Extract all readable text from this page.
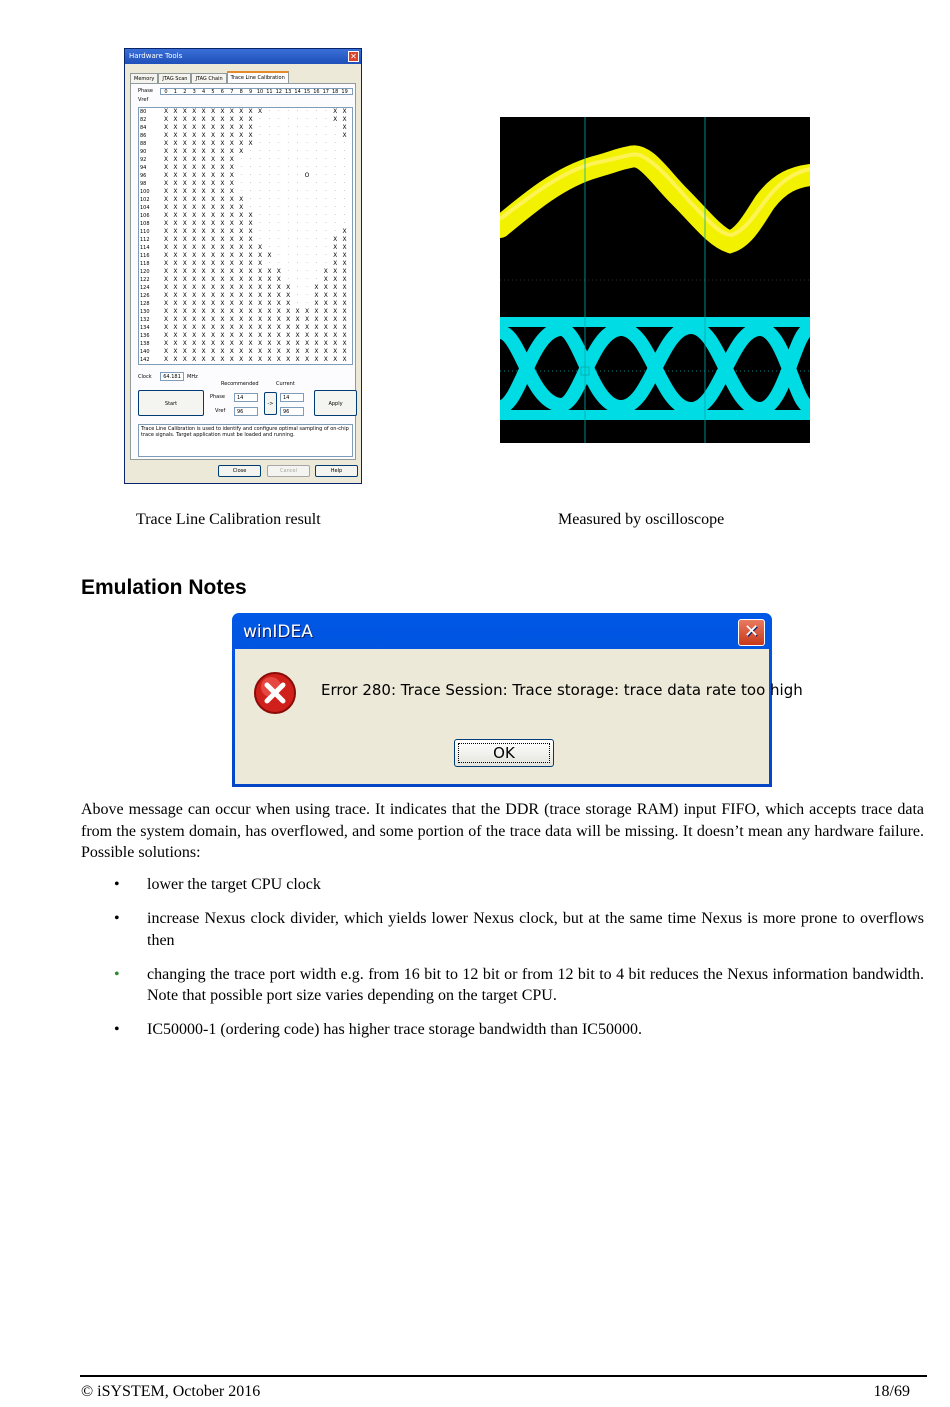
Hardware Tools	✕
Memory	JTAG Scan	JTAG Chain	Trace Line Calibration
Phase 0 1 2 3 4 5 6 7 8 9 10 11 12 13 14 15 16 17 18 19
Vref
80	X X X X X X X X X X X · · · · · · · X X
82	X X X X X X X X X X · · · · · · · · X X
84	X X X X X X X X X X · · · · · · · · · X
86	X X X X X X X X X X · · · · · · · · · X
88	X X X X X X X X X X · · · · · · · · · ·
90	X X X X X X X X X · · · · · · · · · · ·
92	X X X X X X X X · · · · · · · · · · · ·
94	X X X X X X X X · · · · · · · · · · · ·
96	X X X X X X X X · · · · · · · O · · · ·
98	X X X X X X X X · · · · · · · · · · · ·
100 X X X X X X X X · · · · · · · · · · · ·
102 X X X X X X X X X · · · · · · · · · · ·
104 X X X X X X X X X · · · · · · · · · · ·
106 X X X X X X X X X X · · · · · · · · · ·
108 X X X X X X X X X X · · · · · · · · · ·
110 X X X X X X X X X X · · · · · · · · · X
112 X X X X X X X X X X · · · · · · · · X X
114 X X X X X X X X X X X · · · · · · · X X
116 X X X X X X X X X X X X · · · · · · X X
118 X X X X X X X X X X X · · · · · · · X X
120 X X X X X X X X X X X X X · · · · X X X
122 X X X X X X X X X X X X X · · · · X X X
124 X X X X X X X X X X X X X X · · X X X X
126 X X X X X X X X X X X X X X · · X X X X
128 X X X X X X X X X X X X X X · · X X X X
130 X X X X X X X X X X X X X X X X X X X X
132 X X X X X X X X X X X X X X X X X X X X
134 X X X X X X X X X X X X X X X X X X X X
136 X X X X X X X X X X X X X X X X X X X X
138 X X X X X X X X X X X X X X X X X X X X
140 X X X X X X X X X X X X X X X X X X X X
142 X X X X X X X X X X X X X X X X X X X X
Clock	64.181	MHz
Recommended	Current
Start
Phase
Vref
14
96
->
14
96
Apply
Trace Line Calibration is used to identify and configure optimal sampling of on-chip trace signals. Target application must be loaded and running.
Close	Cancel	Help
Trace Line Calibration result	Measured by oscilloscope
Emulation Notes
winIDEA	✕
Error 280: Trace Session: Trace storage: trace data rate too high
OK
Above message can occur when using trace. It indicates that the DDR (trace storage RAM) input FIFO, which accepts trace data from the system domain, has overflowed, and some portion of the trace data will be missing. It doesn’t mean any hardware failure. Possible solutions:
• lower the target CPU clock
• increase Nexus clock divider, which yields lower Nexus clock, but at the same time Nexus is more prone to overflows then
• changing the trace port width e.g. from 16 bit to 12 bit or from 12 bit to 4 bit reduces the Nexus information bandwidth. Note that possible port size varies depending on the target CPU.
• IC50000-1 (ordering code) has higher trace storage bandwidth than IC50000.
© iSYSTEM, October 2016	18/69
